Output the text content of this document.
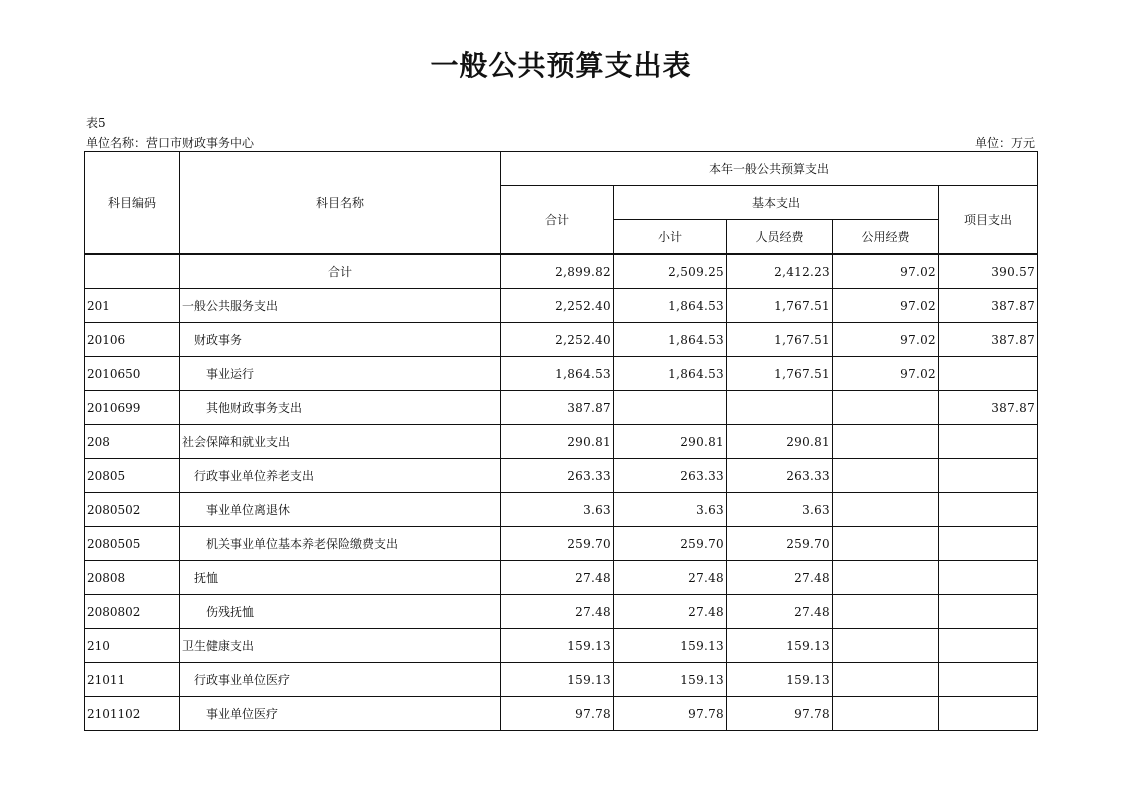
一般公共预算支出表
表5
单位名称：营口市财政事务中心	单位：万元
科目编码	科目名称	本年一般公共预算支出				
		合计	基本支出			项目支出
			小计	人员经费	公用经费	
	合计	2,899.82	2,509.25	2,412.23	97.02	390.57
201	一般公共服务支出	2,252.40	1,864.53	1,767.51	97.02	387.87
20106	财政事务	2,252.40	1,864.53	1,767.51	97.02	387.87
2010650	事业运行	1,864.53	1,864.53	1,767.51	97.02	
2010699	其他财政事务支出	387.87				387.87
208	社会保障和就业支出	290.81	290.81	290.81		
20805	行政事业单位养老支出	263.33	263.33	263.33		
2080502	事业单位离退休	3.63	3.63	3.63		
2080505	机关事业单位基本养老保险缴费支出	259.70	259.70	259.70		
20808	抚恤	27.48	27.48	27.48		
2080802	伤残抚恤	27.48	27.48	27.48		
210	卫生健康支出	159.13	159.13	159.13		
21011	行政事业单位医疗	159.13	159.13	159.13		
2101102	事业单位医疗	97.78	97.78	97.78		
